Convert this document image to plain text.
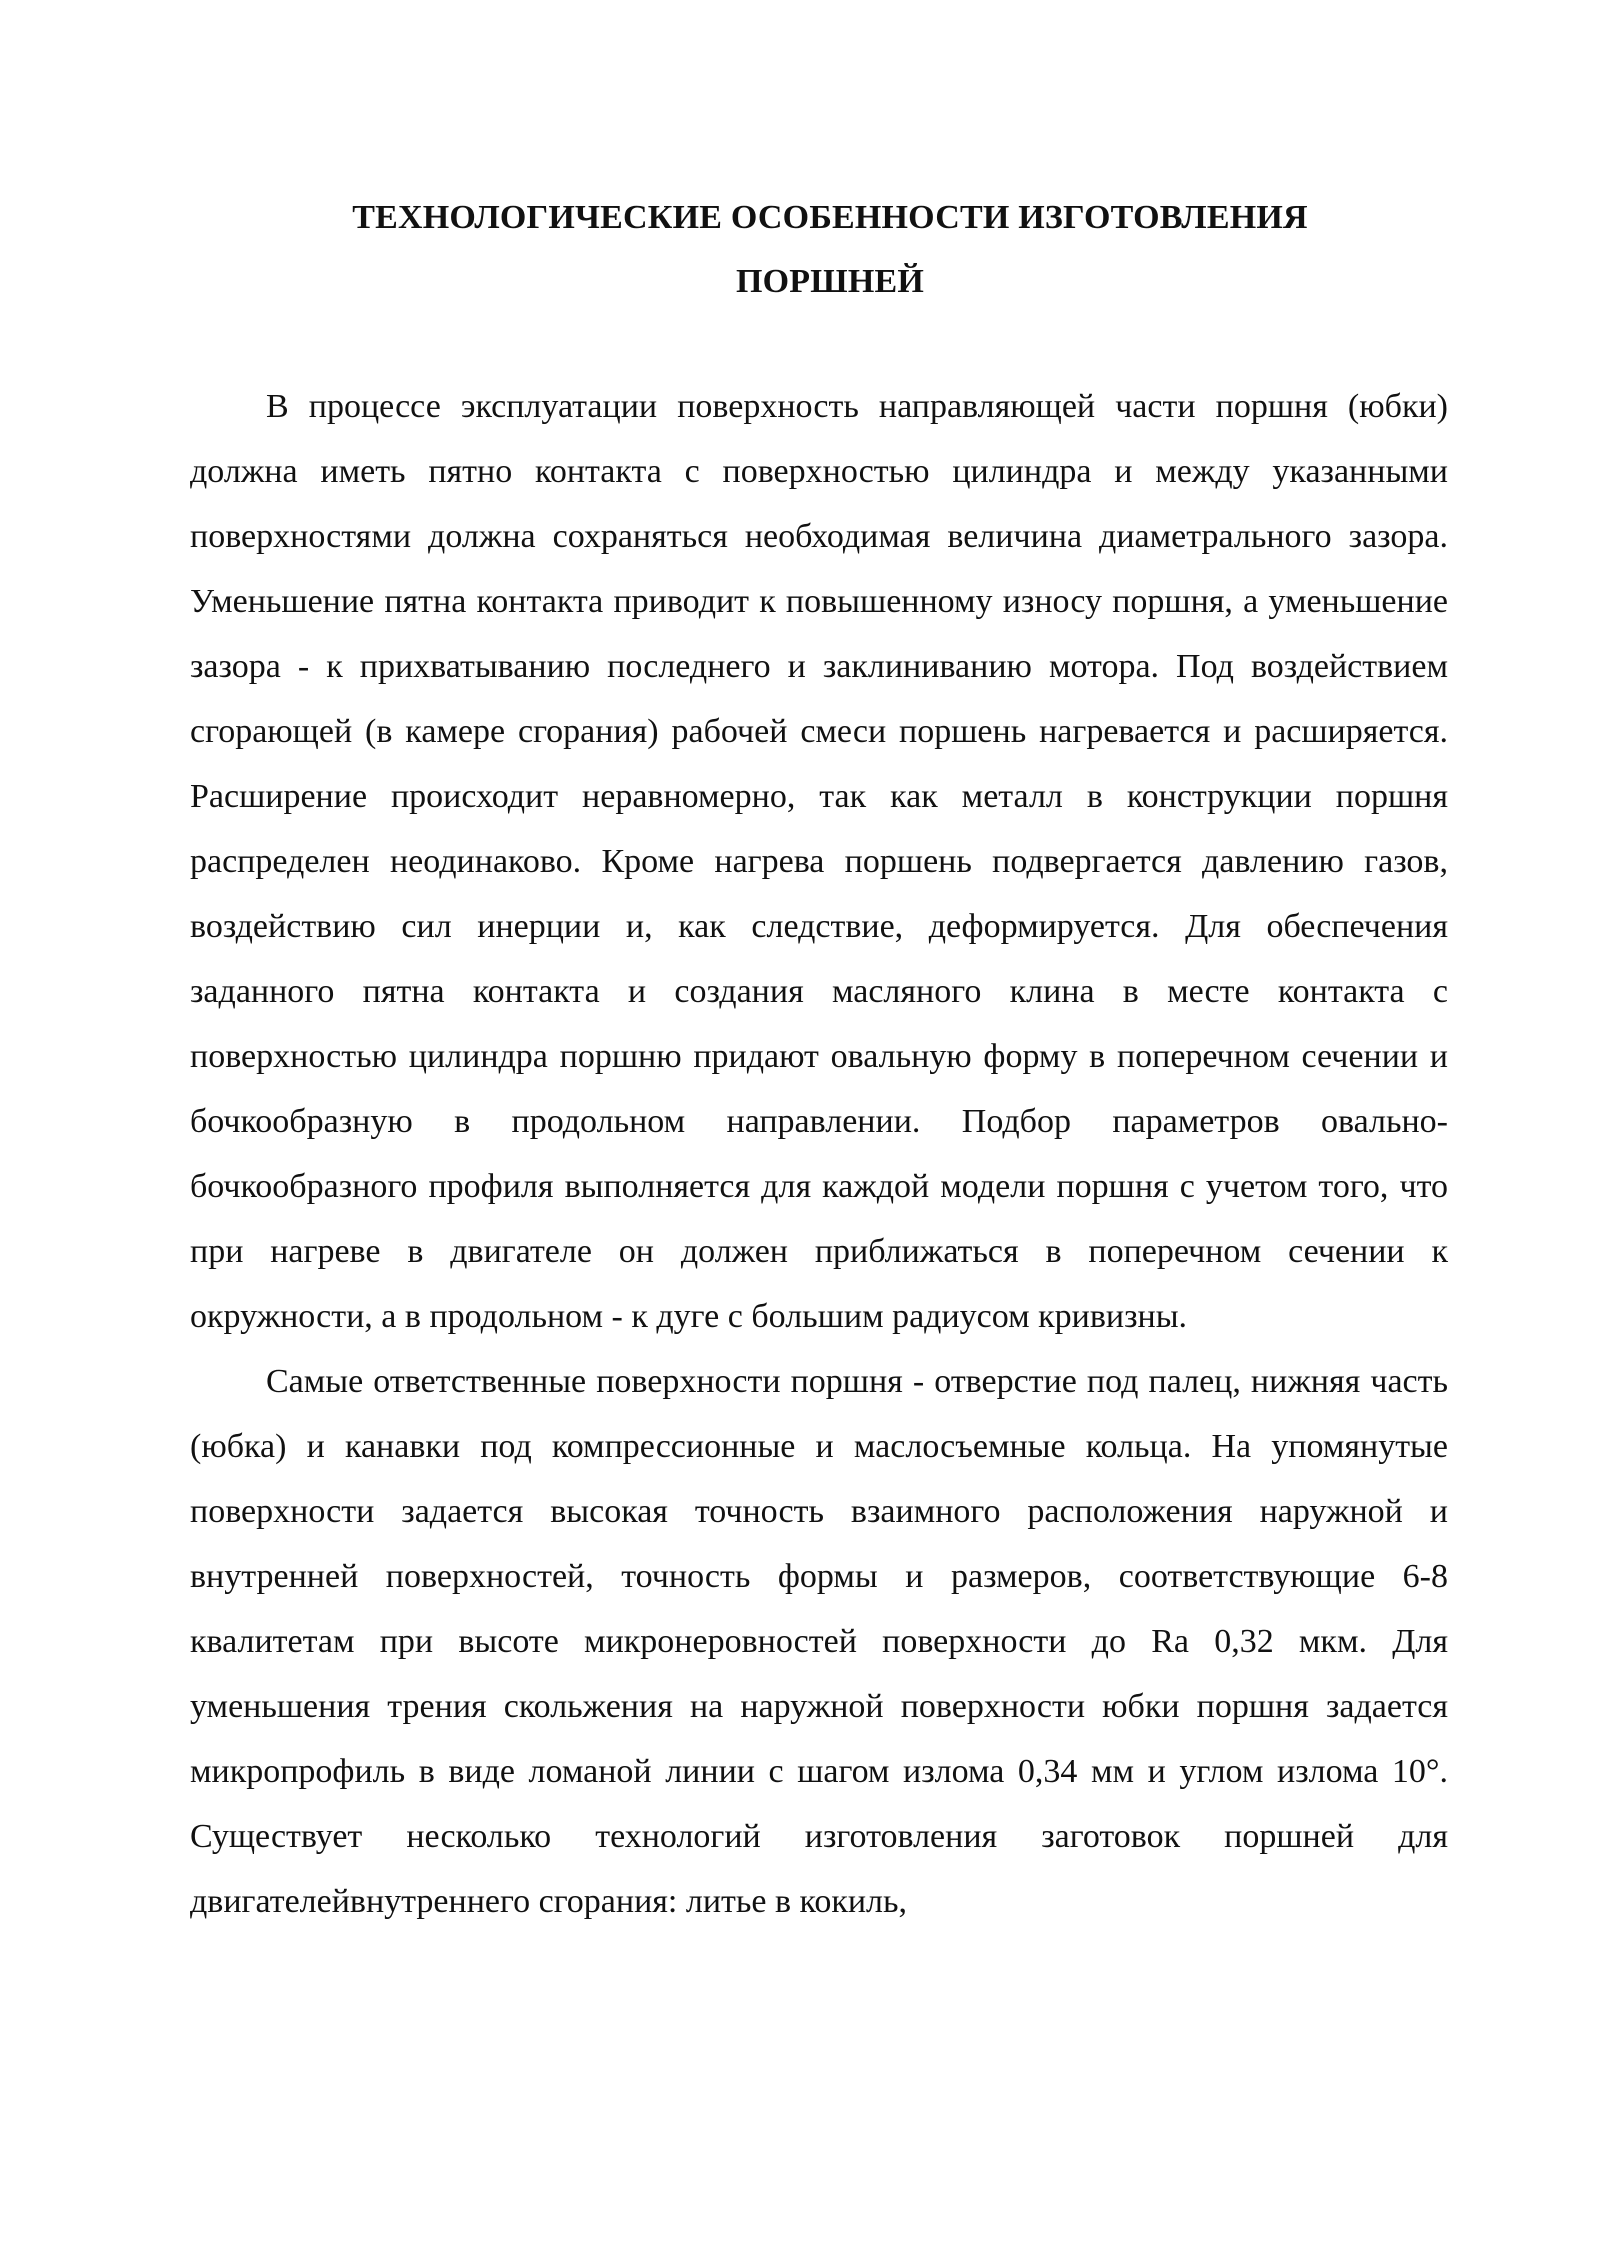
ТЕХНОЛОГИЧЕСКИЕ ОСОБЕННОСТИ ИЗГОТОВЛЕНИЯ
ПОРШНЕЙ

В процессе эксплуатации поверхность направляющей части поршня (юбки) должна иметь пятно контакта с поверхностью цилиндра и между указанными поверхностями должна сохраняться необходимая величина диаметрального зазора. Уменьшение пятна контакта приводит к повышенному износу поршня, а уменьшение зазора - к прихватыванию последнего и заклиниванию мотора. Под воздействием сгорающей (в камере сгорания) рабочей смеси поршень нагревается и расширяется. Расширение происходит неравномерно, так как металл в конструкции поршня распределен неодинаково. Кроме нагрева поршень подвергается давлению газов, воздействию сил инерции и, как следствие, деформируется. Для обеспечения заданного пятна контакта и создания масляного клина в месте контакта с поверхностью цилиндра поршню придают овальную форму в поперечном сечении и бочкообразную в продольном направлении. Подбор параметров овально-бочкообразного профиля выполняется для каждой модели поршня с учетом того, что при нагреве в двигателе он должен приближаться в поперечном сечении к окружности, а в продольном - к дуге с большим радиусом кривизны.

Самые ответственные поверхности поршня - отверстие под палец, нижняя часть (юбка) и канавки под компрессионные и маслосъемные кольца. На упомянутые поверхности задается высокая точность взаимного расположения наружной и внутренней поверхностей, точность формы и размеров, соответствующие 6-8 квалитетам при высоте микронеровностей поверхности до Ra 0,32 мкм. Для уменьшения трения скольжения на наружной поверхности юбки поршня задается микропрофиль в виде ломаной линии с шагом излома 0,34 мм и углом излома 10°. Существует несколько технологий изготовления заготовок поршней для двигателейвнутреннего сгорания: литье в кокиль,
